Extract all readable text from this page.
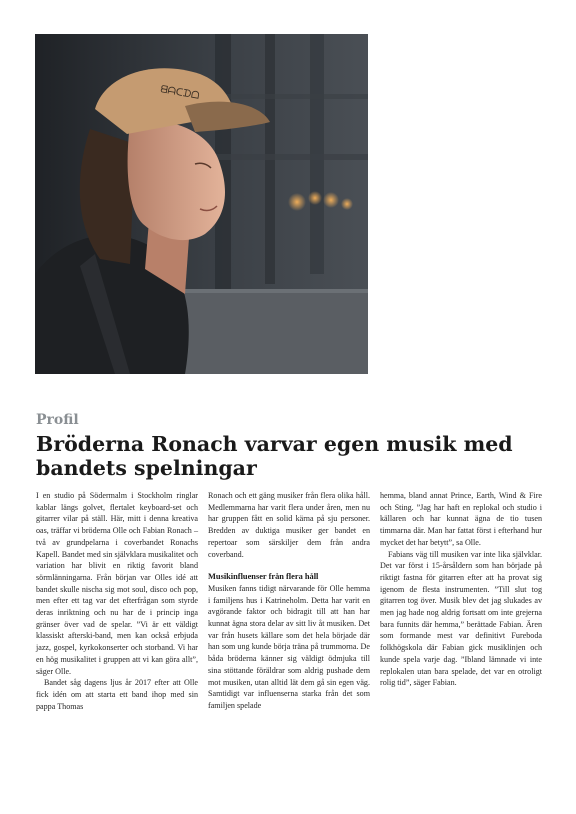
ᗺᗩᑕᗪᗝ
Profil
Bröderna Ronach varvar egen musik med bandets spelningar

I en studio på Södermalm i Stockholm ringlar kablar längs golvet, flertalet keyboard-set och gitarrer vilar på ställ. Här, mitt i denna kreativa oas, träffar vi bröderna Olle och Fabian Ronach – två av grundpelarna i coverbandet Ronachs Kapell. Bandet med sin självklara musikalitet och variation har blivit en riktig favorit bland sörmlänningarna. Från början var Olles idé att bandet skulle nischa sig mot soul, disco och pop, men efter ett tag var det efterfrågan som styrde deras inriktning och nu har de i princip inga gränser över vad de spelar. ”Vi är ett väldigt klassiskt afterski-band, men kan också erbjuda jazz, gospel, kyrkokonserter och storband. Vi har en hög musikalitet i gruppen att vi kan göra allt”, säger Olle.

Bandet såg dagens ljus år 2017 efter att Olle fick idén om att starta ett band ihop med sin pappa Thomas

Ronach och ett gäng musiker från flera olika håll. Medlemmarna har varit flera under åren, men nu har gruppen fått en solid kärna på sju personer. Bredden av duktiga musiker ger bandet en repertoar som särskiljer dem från andra coverband.

Musikinfluenser från flera håll

Musiken fanns tidigt närvarande för Olle hemma i familjens hus i Katrineholm. Detta har varit en avgörande faktor och bidragit till att han har kunnat ägna stora delar av sitt liv åt musiken. Det var från husets källare som det hela började där han som ung kunde börja träna på trummorna. De båda bröderna känner sig väldigt ödmjuka till sina stöttande föräldrar som aldrig pushade dem mot musiken, utan alltid lät dem gå sin egen väg. Samtidigt var influenserna starka från det som familjen spelade

hemma, bland annat Prince, Earth, Wind & Fire och Sting. ”Jag har haft en replokal och studio i källaren och har kunnat ägna de tio tusen timmarna där. Man har fattat först i efterhand hur mycket det har betytt”, sa Olle.

Fabians väg till musiken var inte lika självklar. Det var först i 15-årsåldern som han började på riktigt fastna för gitarren efter att ha provat sig igenom de flesta instrumenten. ”Till slut tog gitarren tog över. Musik blev det jag slukades av men jag hade nog aldrig fortsatt om inte grejerna bara funnits där hemma,” berättade Fabian. Ären som formande mest var definitivt Fureboda folkhögskola där Fabian gick musiklinjen och kunde spela varje dag. ”Ibland lämnade vi inte replokalen utan bara spelade, det var en otroligt rolig tid”, säger Fabian.
